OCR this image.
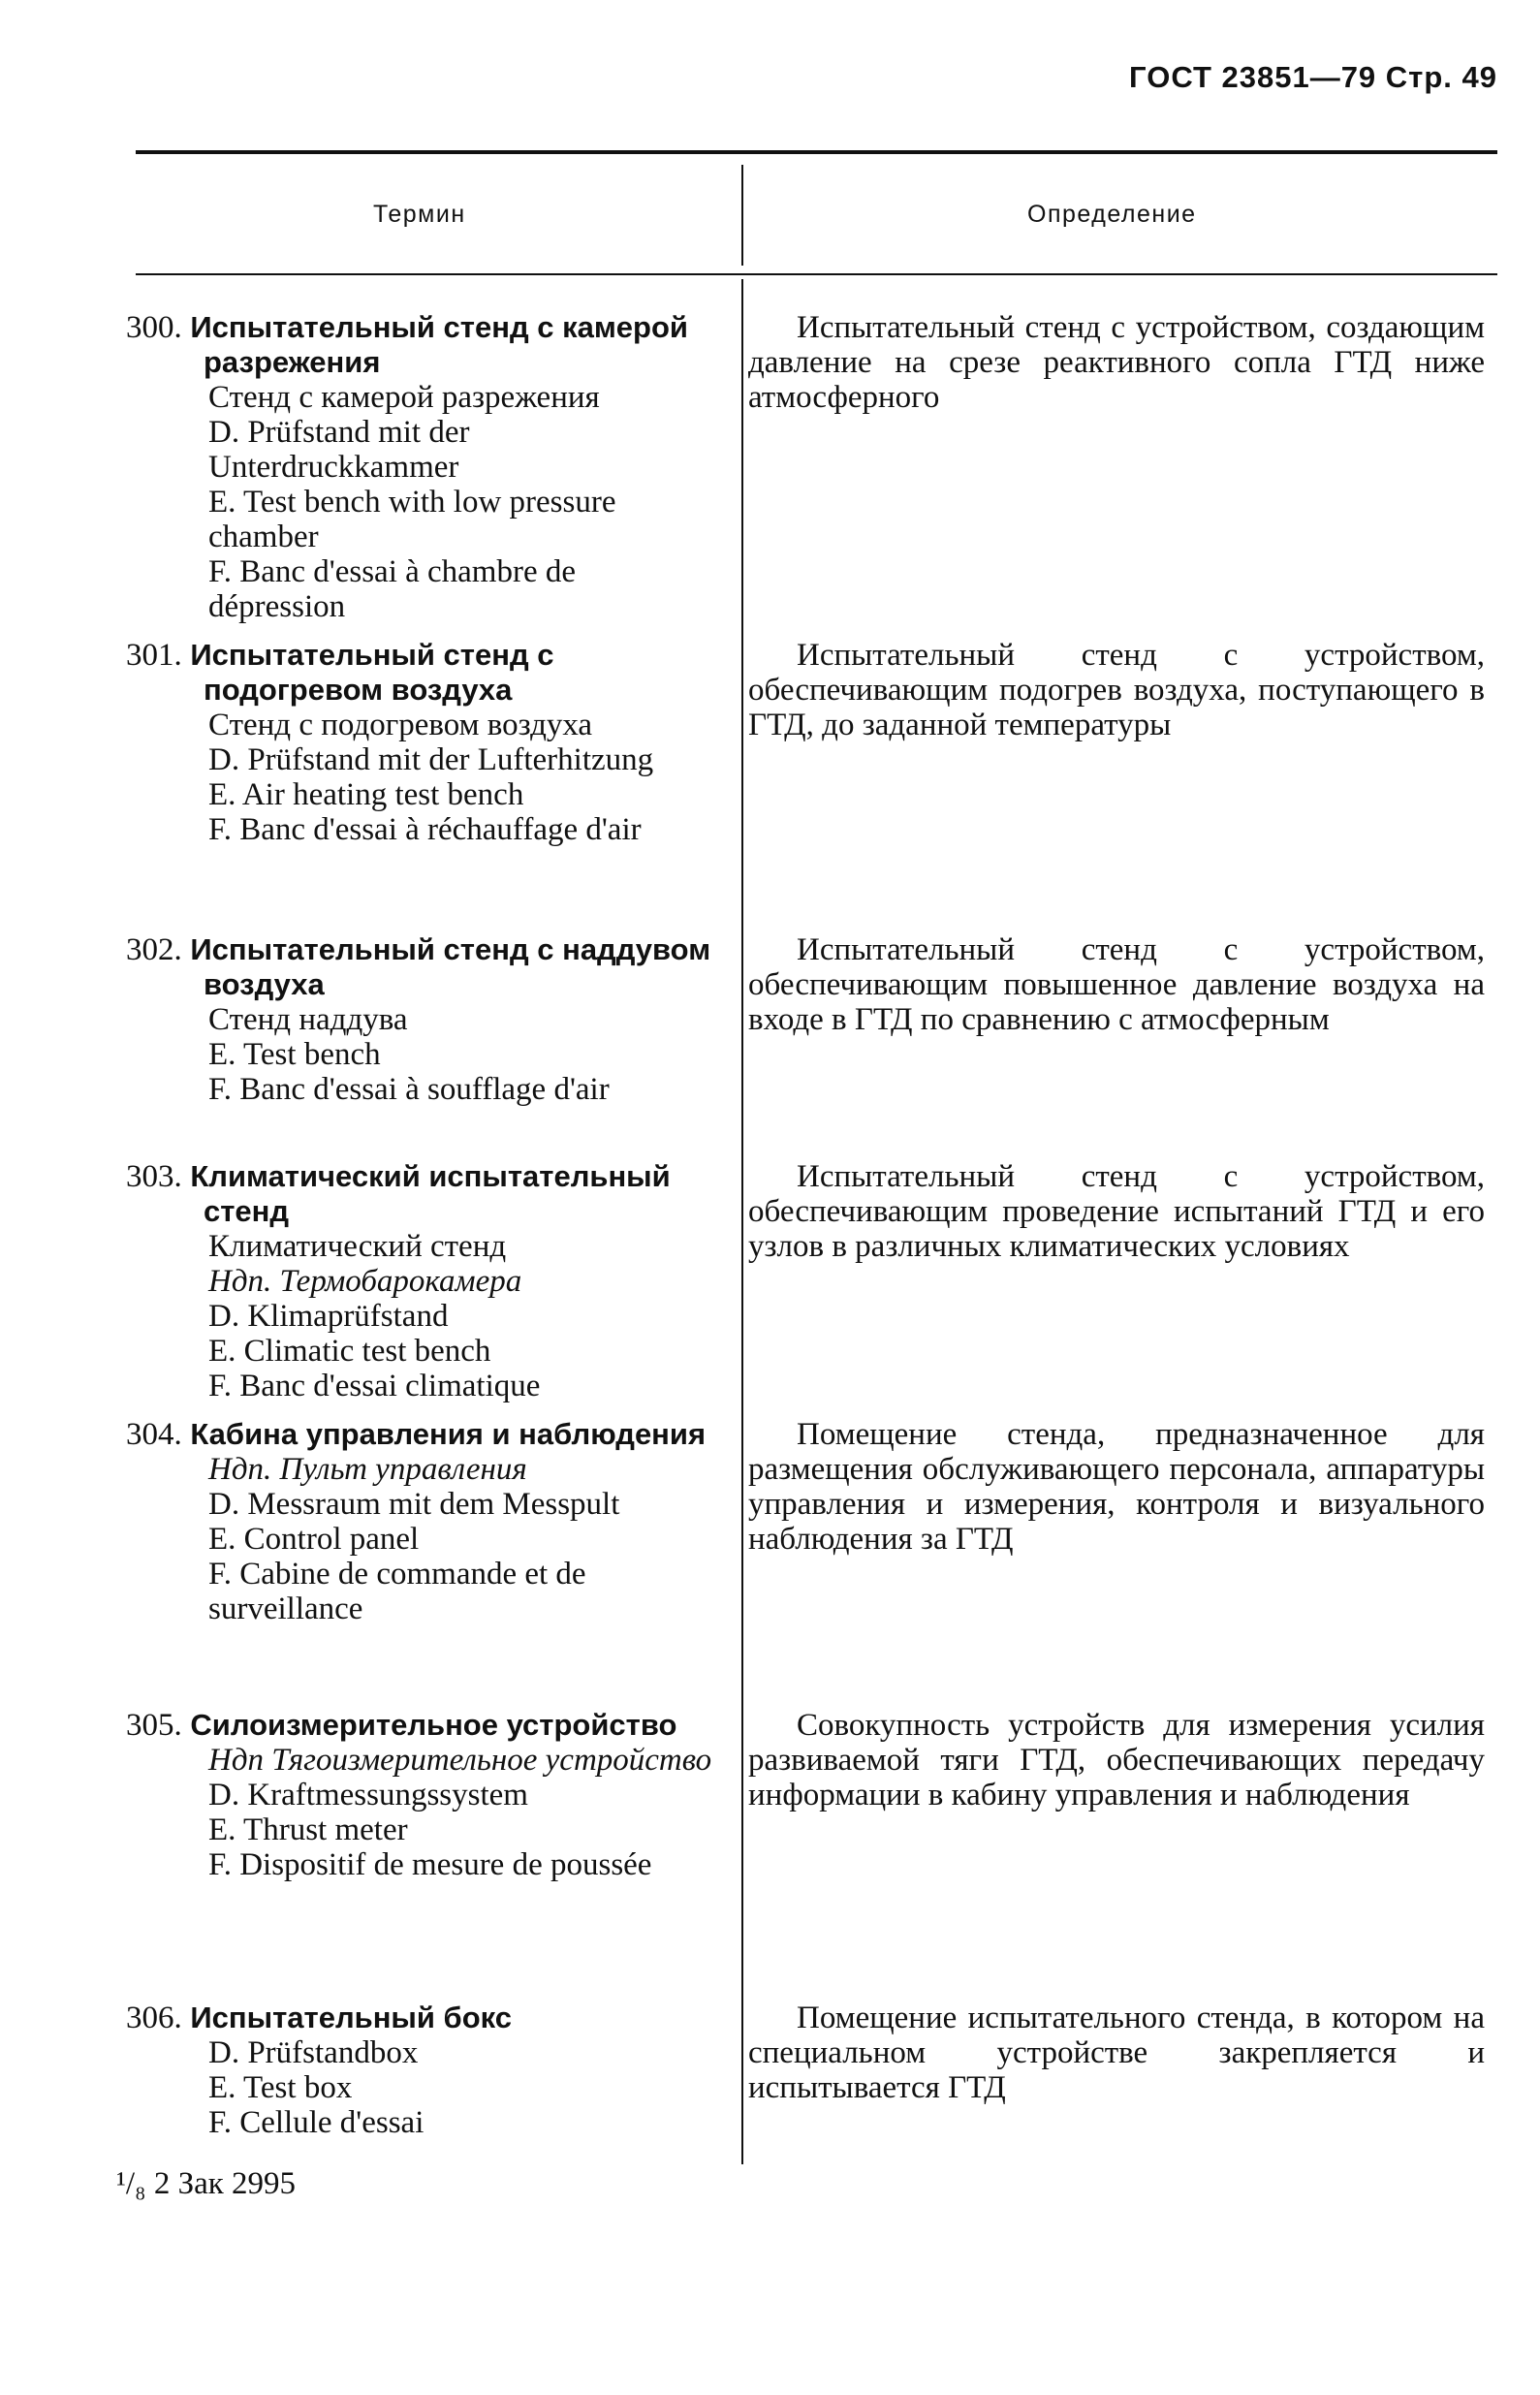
ГОСТ 23851—79 Стр. 49
Термин	Определение
300. Испытательный стенд с камерой разрежения
Стенд с камерой разрежения
D. Prüfstand mit der Unterdruckkammer
E. Test bench with low pressure chamber
F. Banc d'essai à chambre de dépression
Испытательный стенд с устройством, создающим давление на срезе реактивного сопла ГТД ниже атмосферного
301. Испытательный стенд с подогревом воздуха
Стенд с подогревом воздуха
D. Prüfstand mit der Lufterhitzung
E. Air heating test bench
F. Banc d'essai à réchauffage d'air
Испытательный стенд с устройством, обеспечивающим подогрев воздуха, поступающего в ГТД, до заданной температуры
302. Испытательный стенд с наддувом воздуха
Стенд наддува
E. Test bench
F. Banc d'essai à soufflage d'air
Испытательный стенд с устройством, обеспечивающим повышенное давление воздуха на входе в ГТД по сравнению с атмосферным
303. Климатический испытательный стенд
Климатический стенд
Ндп. Термобарокамера
D. Klimaprüfstand
E. Climatic test bench
F. Banc d'essai climatique
Испытательный стенд с устройством, обеспечивающим проведение испытаний ГТД и его узлов в различных климатических условиях
304. Кабина управления и наблюдения
Ндп. Пульт управления
D. Messraum mit dem Messpult
E. Control panel
F. Cabine de commande et de surveillance
Помещение стенда, предназначенное для размещения обслуживающего персонала, аппаратуры управления и измерения, контроля и визуального наблюдения за ГТД
305. Силоизмерительное устройство
Ндп Тягоизмерительное устройство
D. Kraftmessungssystem
E. Thrust meter
F. Dispositif de mesure de poussée
Совокупность устройств для измерения усилия развиваемой тяги ГТД, обеспечивающих передачу информации в кабину управления и наблюдения
306. Испытательный бокс
D. Prüfstandbox
E. Test box
F. Cellule d'essai
Помещение испытательного стенда, в котором на специальном устройстве закрепляется и испытывается ГТД
¹/₈ 2 Зак 2995
